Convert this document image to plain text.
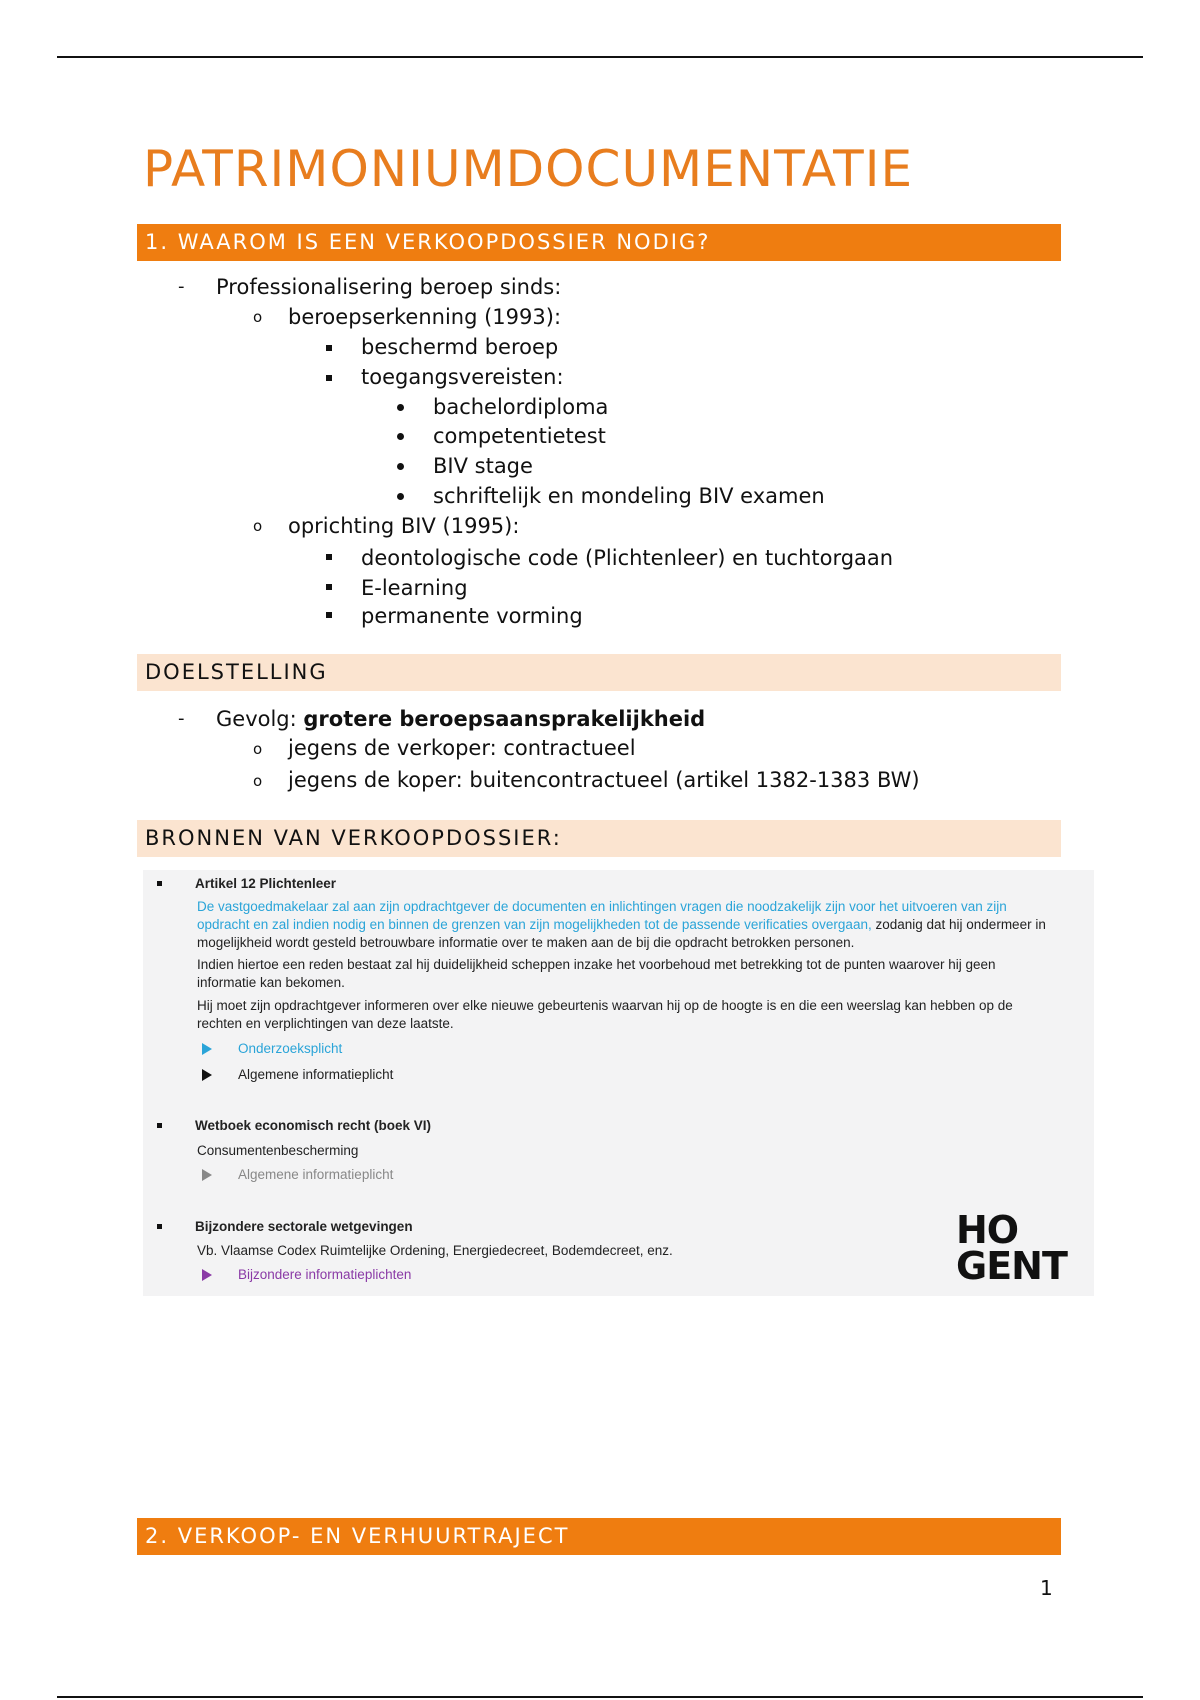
PATRIMONIUMDOCUMENTATIE
1. WAAROM IS EEN VERKOOPDOSSIER NODIG?
- Professionalisering beroep sinds:
o beroepserkenning (1993):
beschermd beroep
toegangsvereisten:
bachelordiploma
competentietest
BIV stage
schriftelijk en mondeling BIV examen
o oprichting BIV (1995):
deontologische code (Plichtenleer) en tuchtorgaan
E-learning
permanente vorming
DOELSTELLING
- Gevolg: grotere beroepsaansprakelijkheid
o jegens de verkoper: contractueel
o jegens de koper: buitencontractueel (artikel 1382-1383 BW)
BRONNEN VAN VERKOOPDOSSIER:
Artikel 12 Plichtenleer
De vastgoedmakelaar zal aan zijn opdrachtgever de documenten en inlichtingen vragen die noodzakelijk zijn voor het uitvoeren van zijn
opdracht en zal indien nodig en binnen de grenzen van zijn mogelijkheden tot de passende verificaties overgaan, zodanig dat hij ondermeer in
mogelijkheid wordt gesteld betrouwbare informatie over te maken aan de bij die opdracht betrokken personen.
Indien hiertoe een reden bestaat zal hij duidelijkheid scheppen inzake het voorbehoud met betrekking tot de punten waarover hij geen
informatie kan bekomen.
Hij moet zijn opdrachtgever informeren over elke nieuwe gebeurtenis waarvan hij op de hoogte is en die een weerslag kan hebben op de
rechten en verplichtingen van deze laatste.
Onderzoeksplicht
Algemene informatieplicht
Wetboek economisch recht (boek VI)
Consumentenbescherming
Algemene informatieplicht
Bijzondere sectorale wetgevingen
Vb. Vlaamse Codex Ruimtelijke Ordening, Energiedecreet, Bodemdecreet, enz.
Bijzondere informatieplichten
HO
GENT
2. VERKOOP- EN VERHUURTRAJECT
1
